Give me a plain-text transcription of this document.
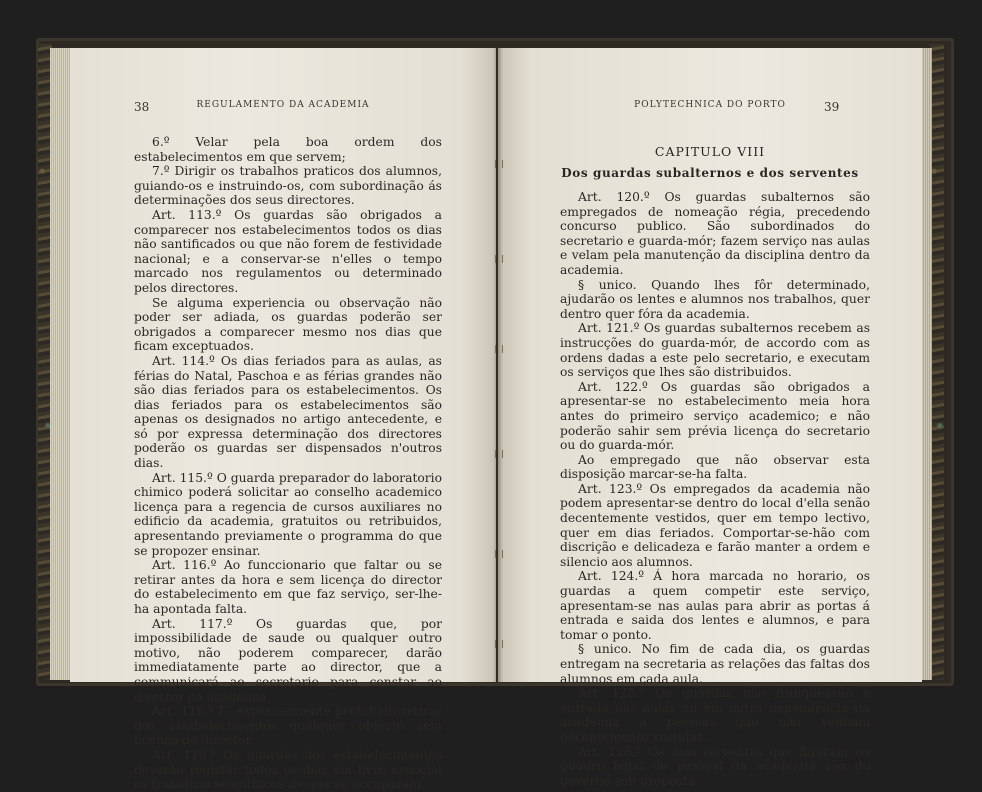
38	REGULAMENTO DA ACADEMIA

6.º Velar pela boa ordem dos estabelecimentos em que servem;

7.º Dirigir os trabalhos praticos dos alumnos, guiando-os e instruindo-os, com subordinação ás determinações dos seus directores.

Art. 113.º Os guardas são obrigados a comparecer nos estabelecimentos todos os dias não santificados ou que não forem de festividade nacional; e a conservar-se n'elles o tempo marcado nos regulamentos ou determinado pelos directores.

Se alguma experiencia ou observação não poder ser adiada, os guardas poderão ser obrigados a comparecer mesmo nos dias que ficam exceptuados.

Art. 114.º Os dias feriados para as aulas, as férias do Natal, Paschoa e as férias grandes não são dias feriados para os estabelecimentos. Os dias feriados para os estabelecimentos são apenas os designados no artigo antecedente, e só por expressa determinação dos directores poderão os guardas ser dispensados n'outros dias.

Art. 115.º O guarda preparador do laboratorio chimico poderá solicitar ao conselho academico licença para a regencia de cursos auxiliares no edificio da academia, gratuitos ou retribuidos, apresentando previamente o programma do que se propozer ensinar.

Art. 116.º Ao funccionario que faltar ou se retirar antes da hora e sem licença do director do estabelecimento em que faz serviço, ser-lhe-ha apontada falta.

Art. 117.º Os guardas que, por impossibilidade de saude ou qualquer outro motivo, não poderem comparecer, darão immediatamente parte ao director, que a communicará ao secretario para constar ao director da academia.

Art. 118.º E' expressamente prohibido retirar dos estabelecimentos qualquer objecto sem licença do director.

Art. 119.º Os guardas dos estabelecimentos deverão registar todos os dias em livro especial os trabalhos scientificos de que se occuparam.

POLYTECHNICA DO PORTO	39
CAPITULO VIII
Dos guardas subalternos e dos serventes

Art. 120.º Os guardas subalternos são empregados de nomeação régia, precedendo concurso publico. São subordinados do secretario e guarda-mór; fazem serviço nas aulas e velam pela manutenção da disciplina dentro da academia.

§ unico. Quando lhes fôr determinado, ajudarão os lentes e alumnos nos trabalhos, quer dentro quer fóra da academia.

Art. 121.º Os guardas subalternos recebem as instrucções do guarda-mór, de accordo com as ordens dadas a este pelo secretario, e executam os serviços que lhes são distribuidos.

Art. 122.º Os guardas são obrigados a apresentar-se no estabelecimento meia hora antes do primeiro serviço academico; e não poderão sahir sem prévia licença do secretario ou do guarda-mór.

Ao empregado que não observar esta disposição marcar-se-ha falta.

Art. 123.º Os empregados da academia não podem apresentar-se dentro do local d'ella senão decentemente vestidos, quer em tempo lectivo, quer em dias feriados. Comportar-se-hão com discrição e delicadeza e farão manter a ordem e silencio aos alumnos.

Art. 124.º Á hora marcada no horario, os guardas a quem competir este serviço, apresentam-se nas aulas para abrir as portas á entrada e saida dos lentes e alumnos, e para tomar o ponto.

§ unico. No fim de cada dia, os guardas entregam na secretaria as relações das faltas dos alumnos em cada aula.

Art. 125.º Os guardas não franquearão a entrada nas aulas ou em outra dependencia da academia a pessoas que não venham decentemente vestidas.

Art. 126.º Os dois serventes que figuram no quadro legal do pessoal da academia são do governo sob proposta
